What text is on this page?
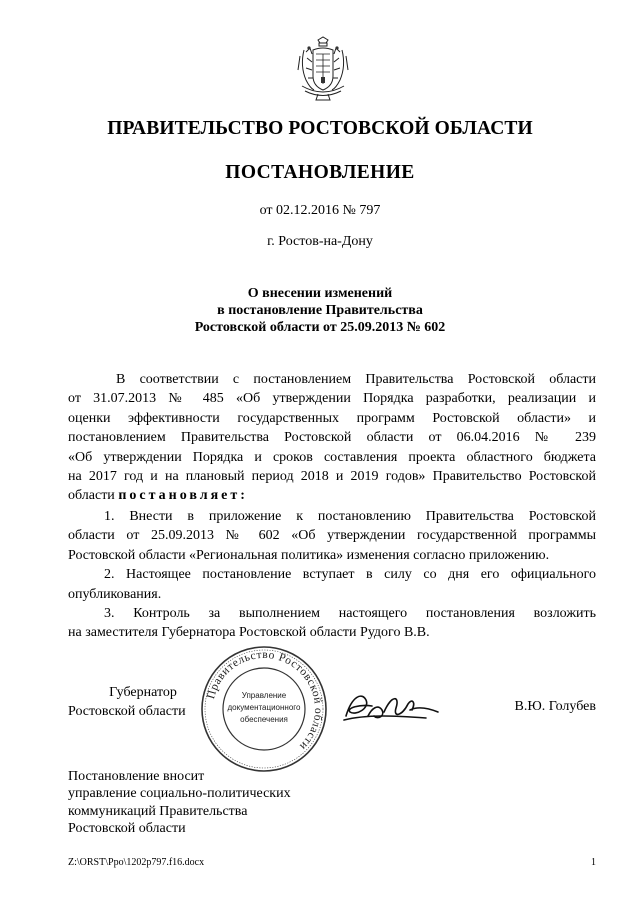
ПРАВИТЕЛЬСТВО РОСТОВСКОЙ ОБЛАСТИ
ПОСТАНОВЛЕНИЕ
от 02.12.2016 № 797
г. Ростов-на-Дону
О внесении изменений
в постановление Правительства
Ростовской области от 25.09.2013 № 602
В соответствии с постановлением Правительства Ростовской области
от 31.07.2013 № 485 «Об утверждении Порядка разработки, реализации и
оценки эффективности государственных программ Ростовской области» и
постановлением Правительства Ростовской области от 06.04.2016 № 239
«Об утверждении Порядка и сроков составления проекта областного бюджета
на 2017 год и на плановый период 2018 и 2019 годов» Правительство Ростовской
области постановляет:
1. Внести в приложение к постановлению Правительства Ростовской
области от 25.09.2013 № 602 «Об утверждении государственной программы
Ростовской области «Региональная политика» изменения согласно приложению.
2. Настоящее постановление вступает в силу со дня его официального
опубликования.
3. Контроль за выполнением настоящего постановления возложить
на заместителя Губернатора Ростовской области Рудого В.В.
Губернатор
Ростовской области
Правительство Ростовской области
Управление
документационного
обеспечения
В.Ю. Голубев
Постановление вносит
управление социально-политических
коммуникаций Правительства
Ростовской области
Z:\ORST\Ppo\1202p797.f16.docx	1
